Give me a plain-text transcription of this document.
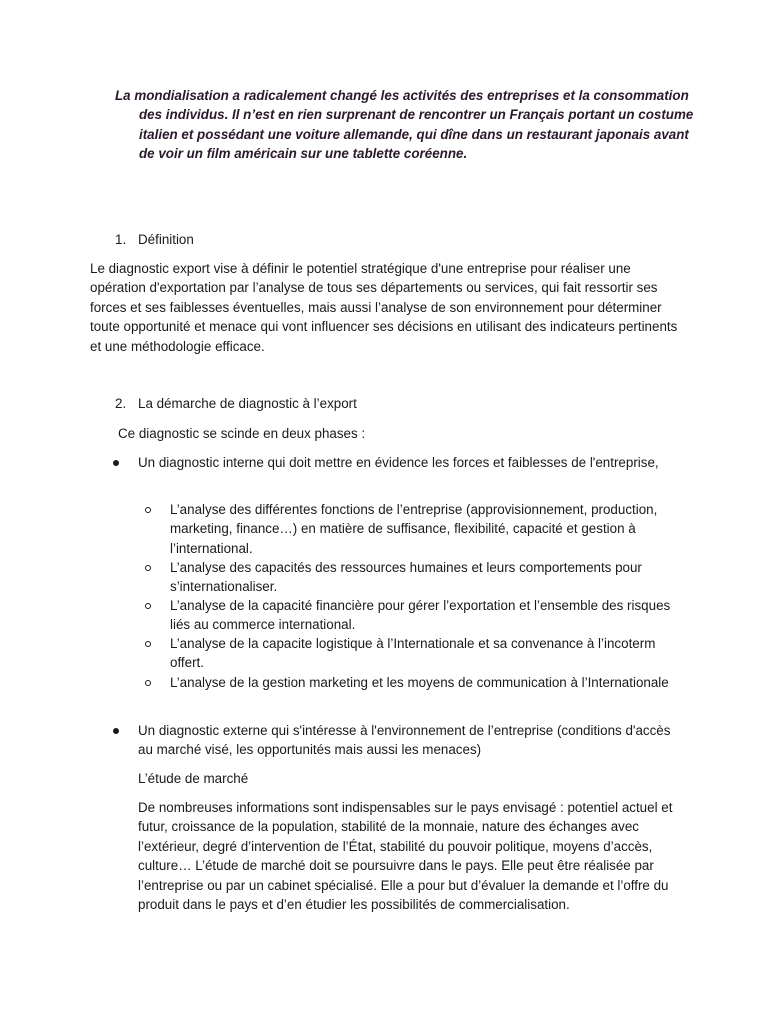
La mondialisation a radicalement changé les activités des entreprises et la consommation des individus. Il n’est en rien surprenant de rencontrer un Français portant un costume italien et possédant une voiture allemande, qui dîne dans un restaurant japonais avant de voir un film américain sur une tablette coréenne.
1. Définition
Le diagnostic export vise à définir le potentiel stratégique d'une entreprise pour réaliser une opération d'exportation par l’analyse de tous ses départements ou services, qui fait ressortir ses forces et ses faiblesses éventuelles, mais aussi l’analyse de son environnement pour déterminer toute opportunité et menace qui vont influencer ses décisions en utilisant des indicateurs pertinents et une méthodologie efficace.
2. La démarche de diagnostic à l’export
Ce diagnostic se scinde en deux phases :
Un diagnostic interne qui doit mettre en évidence les forces et faiblesses de l'entreprise,
L’analyse des différentes fonctions de l’entreprise (approvisionnement, production, marketing, finance…) en matière de suffisance, flexibilité, capacité et gestion à l’international.
L’analyse des capacités des ressources humaines et leurs comportements pour s’internationaliser.
L’analyse de la capacité financière pour gérer l’exportation et l’ensemble des risques liés au commerce international.
L’analyse de la capacite logistique à l’Internationale et sa convenance à l’incoterm offert.
L’analyse de la gestion marketing et les moyens de communication à l’Internationale
Un diagnostic externe qui s'intéresse à l'environnement de l’entreprise (conditions d'accès au marché visé, les opportunités mais aussi les menaces)
L’étude de marché
De nombreuses informations sont indispensables sur le pays envisagé : potentiel actuel et futur, croissance de la population, stabilité de la monnaie, nature des échanges avec l’extérieur, degré d’intervention de l’État, stabilité du pouvoir politique, moyens d’accès, culture… L’étude de marché doit se poursuivre dans le pays. Elle peut être réalisée par l’entreprise ou par un cabinet spécialisé. Elle a pour but d’évaluer la demande et l’offre du produit dans le pays et d’en étudier les possibilités de commercialisation.
